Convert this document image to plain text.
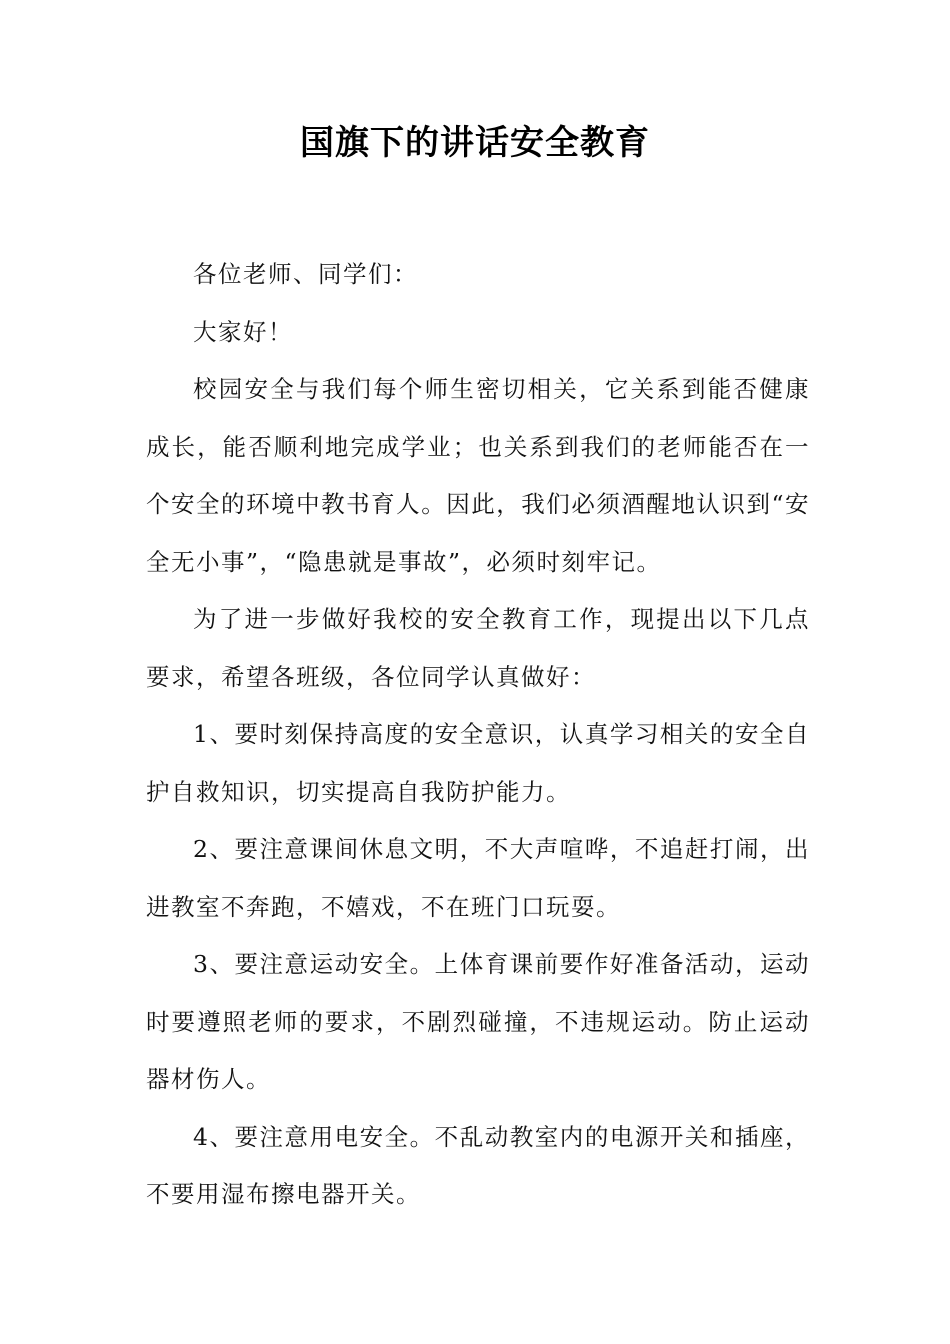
国旗下的讲话安全教育

各位老师、同学们：

大家好！

校园安全与我们每个师生密切相关，它关系到能否健康成长，能否顺利地完成学业；也关系到我们的老师能否在一个安全的环境中教书育人。因此，我们必须酒醒地认识到“安全无小事”，“隐患就是事故”，必须时刻牢记。

为了进一步做好我校的安全教育工作，现提出以下几点要求，希望各班级，各位同学认真做好：

1、要时刻保持高度的安全意识，认真学习相关的安全自护自救知识，切实提高自我防护能力。

2、要注意课间休息文明，不大声喧哗，不追赶打闹，出进教室不奔跑，不嬉戏，不在班门口玩耍。

3、要注意运动安全。上体育课前要作好准备活动，运动时要遵照老师的要求，不剧烈碰撞，不违规运动。防止运动器材伤人。

4、要注意用电安全。不乱动教室内的电源开关和插座，不要用湿布擦电器开关。
